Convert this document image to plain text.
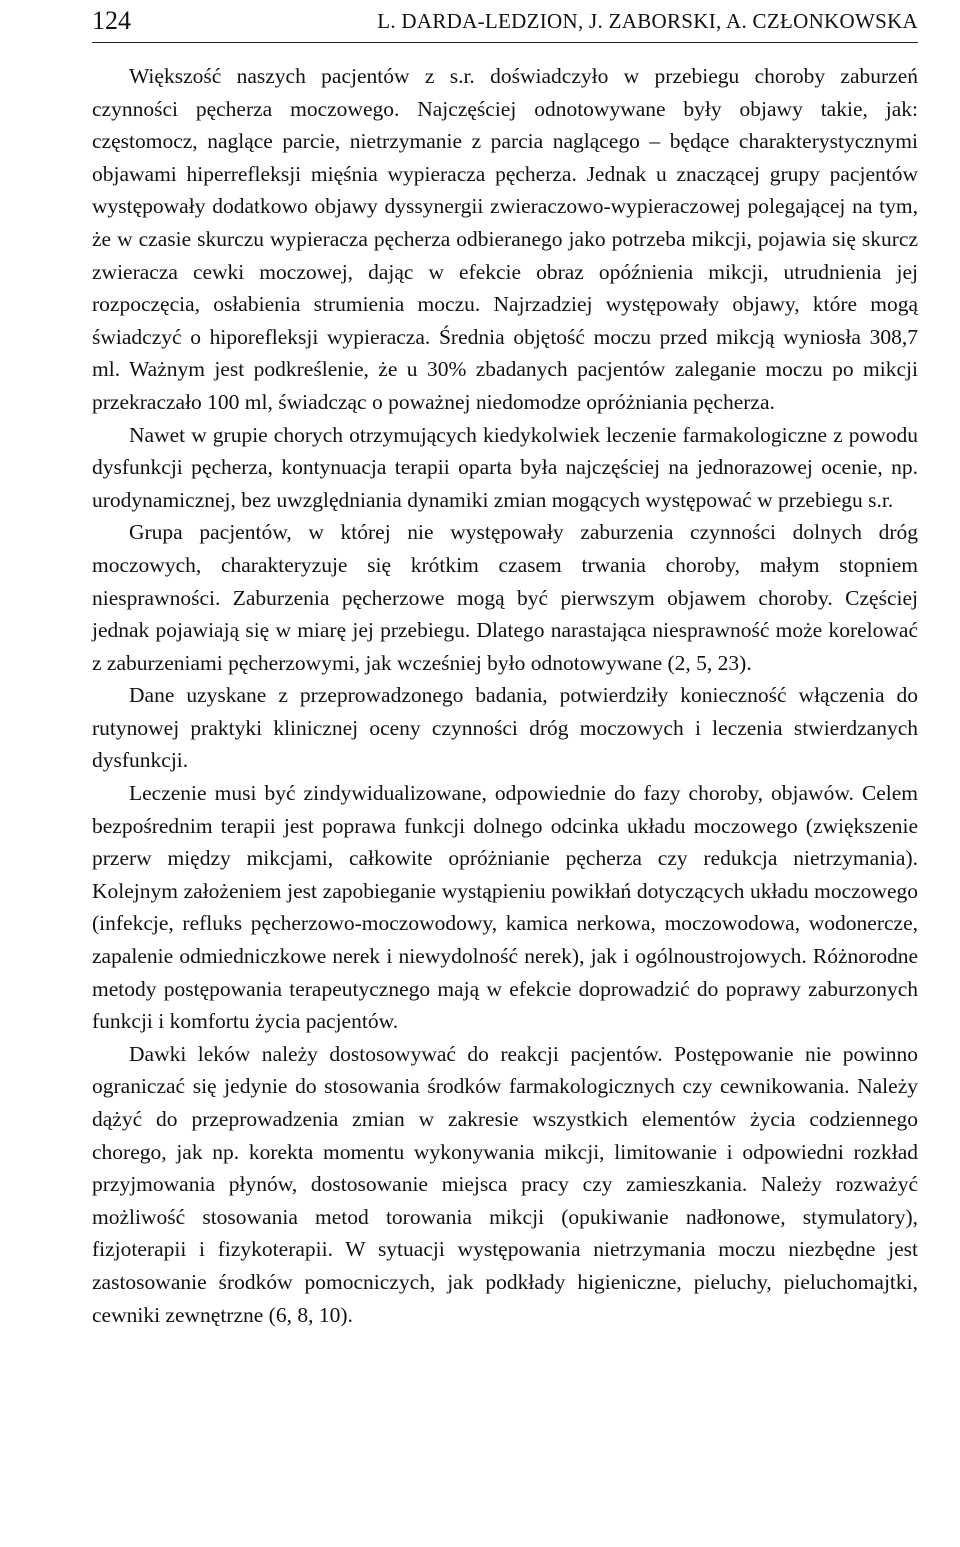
124	L. DARDA-LEDZION, J. ZABORSKI, A. CZŁONKOWSKA

Większość naszych pacjentów z s.r. doświadczyło w przebiegu choroby zaburzeń czynności pęcherza moczowego. Najczęściej odnotowywane były objawy takie, jak: częstomocz, naglące parcie, nietrzymanie z parcia naglącego – będące charakterystycznymi objawami hiperrefleksji mięśnia wypieracza pęcherza. Jednak u znaczącej grupy pacjentów występowały dodatkowo objawy dyssynergii zwieraczowo-wypieraczowej polegającej na tym, że w czasie skurczu wypieracza pęcherza odbieranego jako potrzeba mikcji, pojawia się skurcz zwieracza cewki moczowej, dając w efekcie obraz opóźnienia mikcji, utrudnienia jej rozpoczęcia, osłabienia strumienia moczu. Najrzadziej występowały objawy, które mogą świadczyć o hiporefleksji wypieracza. Średnia objętość moczu przed mikcją wyniosła 308,7 ml. Ważnym jest podkreślenie, że u 30% zbadanych pacjentów zaleganie moczu po mikcji przekraczało 100 ml, świadcząc o poważnej niedomodze opróżniania pęcherza.

Nawet w grupie chorych otrzymujących kiedykolwiek leczenie farmakologiczne z powodu dysfunkcji pęcherza, kontynuacja terapii oparta była najczęściej na jednorazowej ocenie, np. urodynamicznej, bez uwzględniania dynamiki zmian mogących występować w przebiegu s.r.

Grupa pacjentów, w której nie występowały zaburzenia czynności dolnych dróg moczowych, charakteryzuje się krótkim czasem trwania choroby, małym stopniem niesprawności. Zaburzenia pęcherzowe mogą być pierwszym objawem choroby. Częściej jednak pojawiają się w miarę jej przebiegu. Dlatego narastająca niesprawność może korelować z zaburzeniami pęcherzowymi, jak wcześniej było odnotowywane (2, 5, 23).

Dane uzyskane z przeprowadzonego badania, potwierdziły konieczność włączenia do rutynowej praktyki klinicznej oceny czynności dróg moczowych i leczenia stwierdzanych dysfunkcji.

Leczenie musi być zindywidualizowane, odpowiednie do fazy choroby, objawów. Celem bezpośrednim terapii jest poprawa funkcji dolnego odcinka układu moczowego (zwiększenie przerw między mikcjami, całkowite opróżnianie pęcherza czy redukcja nietrzymania). Kolejnym założeniem jest zapobieganie wystąpieniu powikłań dotyczących układu moczowego (infekcje, refluks pęcherzowo-moczowodowy, kamica nerkowa, moczowodowa, wodonercze, zapalenie odmiedniczkowe nerek i niewydolność nerek), jak i ogólnoustrojowych. Różnorodne metody postępowania terapeutycznego mają w efekcie doprowadzić do poprawy zaburzonych funkcji i komfortu życia pacjentów.

Dawki leków należy dostosowywać do reakcji pacjentów. Postępowanie nie powinno ograniczać się jedynie do stosowania środków farmakologicznych czy cewnikowania. Należy dążyć do przeprowadzenia zmian w zakresie wszystkich elementów życia codziennego chorego, jak np. korekta momentu wykonywania mikcji, limitowanie i odpowiedni rozkład przyjmowania płynów, dostosowanie miejsca pracy czy zamieszkania. Należy rozważyć możliwość stosowania metod torowania mikcji (opukiwanie nadłonowe, stymulatory), fizjoterapii i fizykoterapii. W sytuacji występowania nietrzymania moczu niezbędne jest zastosowanie środków pomocniczych, jak podkłady higieniczne, pieluchy, pieluchomajtki, cewniki zewnętrzne (6, 8, 10).
